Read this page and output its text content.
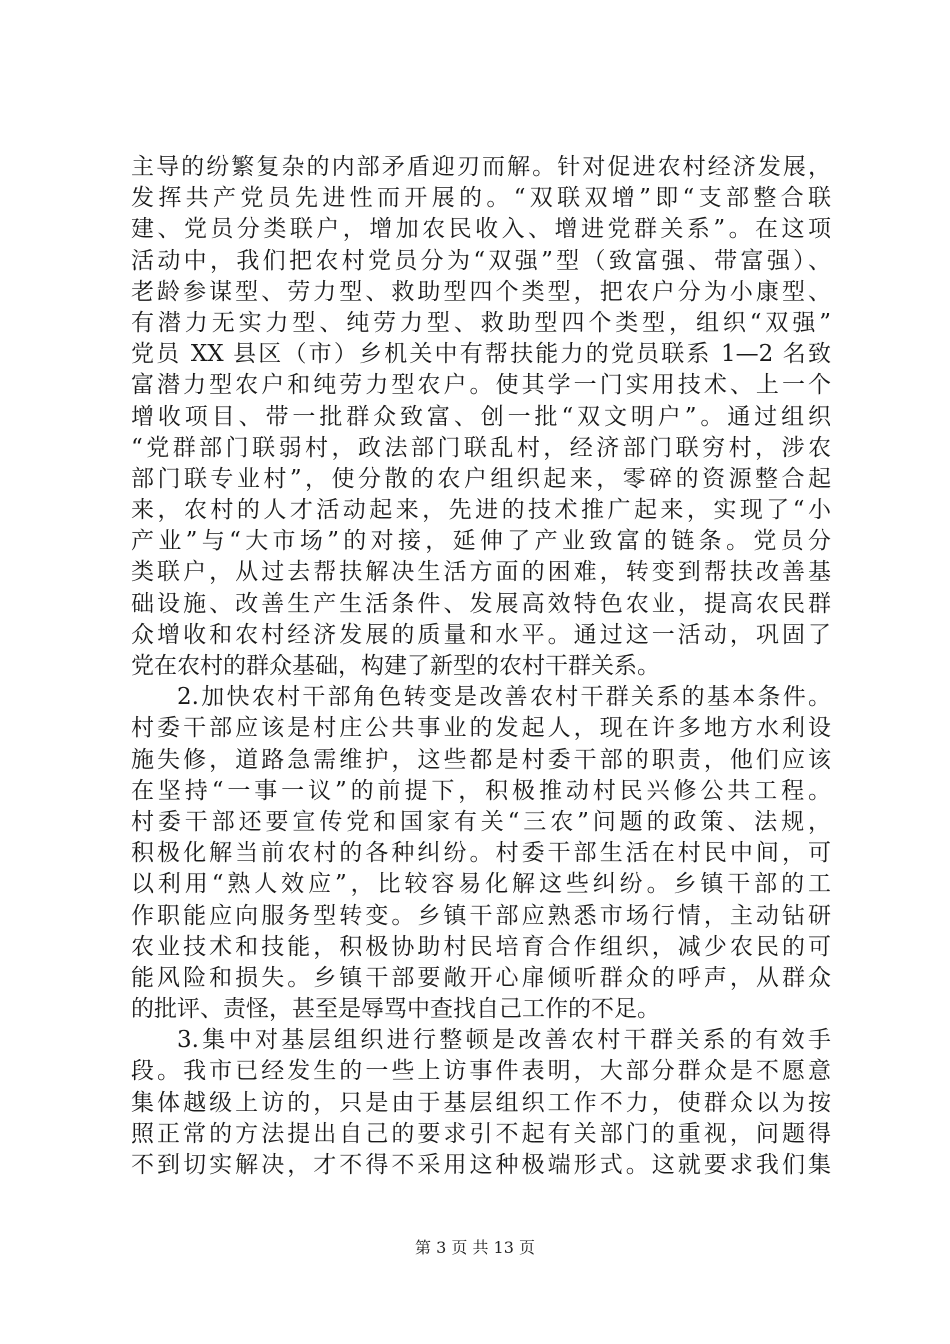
主导的纷繁复杂的内部矛盾迎刃而解。针对促进农村经济发展，
发挥共产党员先进性而开展的。“双联双增”即“支部整合联
建、党员分类联户，增加农民收入、增进党群关系”。在这项
活动中，我们把农村党员分为“双强”型（致富强、带富强）、
老龄参谋型、劳力型、救助型四个类型，把农户分为小康型、
有潜力无实力型、纯劳力型、救助型四个类型，组织“双强”
党员 XX 县区（市）乡机关中有帮扶能力的党员联系 1—2 名致
富潜力型农户和纯劳力型农户。使其学一门实用技术、上一个
增收项目、带一批群众致富、创一批“双文明户”。通过组织
“党群部门联弱村，政法部门联乱村，经济部门联穷村，涉农
部门联专业村”，使分散的农户组织起来，零碎的资源整合起
来，农村的人才活动起来，先进的技术推广起来，实现了“小
产业”与“大市场”的对接，延伸了产业致富的链条。党员分
类联户，从过去帮扶解决生活方面的困难，转变到帮扶改善基
础设施、改善生产生活条件、发展高效特色农业，提高农民群
众增收和农村经济发展的质量和水平。通过这一活动，巩固了
党在农村的群众基础，构建了新型的农村干群关系。
2.加快农村干部角色转变是改善农村干群关系的基本条件。
村委干部应该是村庄公共事业的发起人，现在许多地方水利设
施失修，道路急需维护，这些都是村委干部的职责，他们应该
在坚持“一事一议”的前提下，积极推动村民兴修公共工程。
村委干部还要宣传党和国家有关“三农”问题的政策、法规，
积极化解当前农村的各种纠纷。村委干部生活在村民中间，可
以利用“熟人效应”，比较容易化解这些纠纷。乡镇干部的工
作职能应向服务型转变。乡镇干部应熟悉市场行情，主动钻研
农业技术和技能，积极协助村民培育合作组织，减少农民的可
能风险和损失。乡镇干部要敞开心扉倾听群众的呼声，从群众
的批评、责怪，甚至是辱骂中查找自己工作的不足。
3.集中对基层组织进行整顿是改善农村干群关系的有效手
段。我市已经发生的一些上访事件表明，大部分群众是不愿意
集体越级上访的，只是由于基层组织工作不力，使群众以为按
照正常的方法提出自己的要求引不起有关部门的重视，问题得
不到切实解决，才不得不采用这种极端形式。这就要求我们集
第 3 页 共 13 页
